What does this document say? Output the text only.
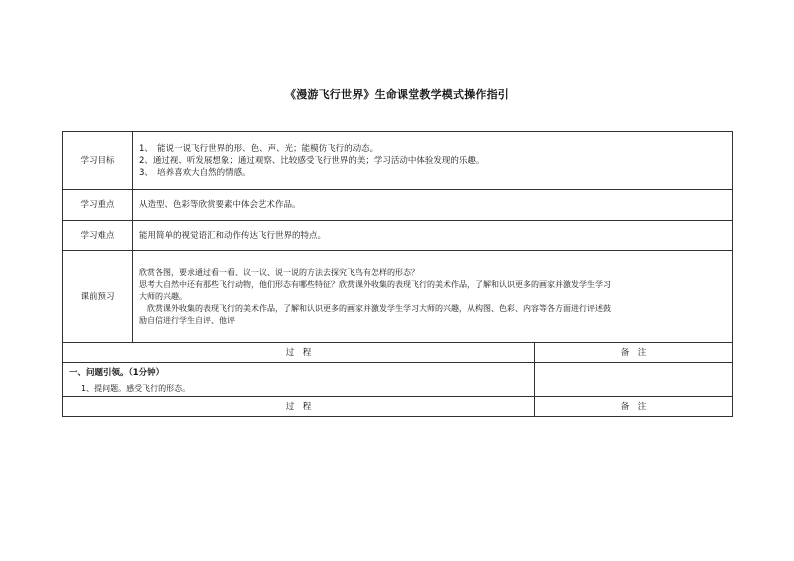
《漫游飞行世界》生命课堂教学模式操作指引
学习目标	1、　能说一说飞行世界的形、色、声、光；能模仿飞行的动态。
2、通过视、听发展想象；通过观察、比较感受飞行世界的美；学习活动中体验发现的乐趣。
3、　培养喜欢大自然的情感。	

学习重点	从造型、色彩等欣赏要素中体会艺术作品。	

学习难点	能用简单的视觉语汇和动作传达飞行世界的特点。	

课前预习	欣赏各图，要求通过看一看、议一议、说一说的方法去探究飞鸟有怎样的形态？
思考大自然中还有那些飞行动物，他们形态有哪些特征？欣赏课外收集的表现飞行的美术作品，了解和认识更多的画家并激发学生学习
大师的兴趣。
　欣赏课外收集的表现飞行的美术作品，了解和认识更多的画家并激发学生学习大师的兴趣，从构图、色彩、内容等各方面进行评述鼓
励自信进行学生自评、他评	

过　程		备　注

一、问题引领。（1分钟）
1、提问题。感受飞行的形态。		

过　程		备　注
